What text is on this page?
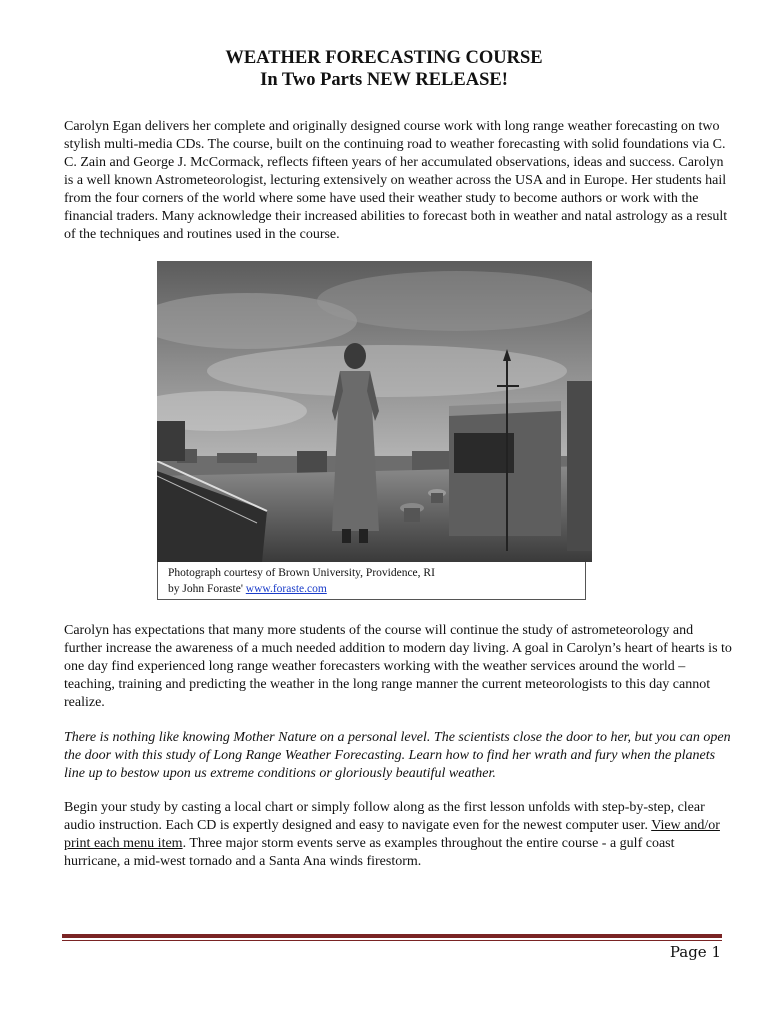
WEATHER FORECASTING COURSE
In Two Parts NEW RELEASE!

Carolyn Egan delivers her complete and originally designed course work with long range weather forecasting on two stylish multi-media CDs. The course, built on the continuing road to weather forecasting with solid foundations via C. C. Zain and George J. McCormack, reflects fifteen years of her accumulated observations, ideas and success. Carolyn is a well known Astrometeorologist, lecturing extensively on weather across the USA and in Europe. Her students hail from the four corners of the world where some have used their weather study to become authors or work with the financial traders. Many acknowledge their increased abilities to forecast both in weather and natal astrology as a result of the techniques and routines used in the course.

Photograph courtesy of Brown University, Providence, RI
by John Foraste' www.foraste.com

Carolyn has expectations that many more students of the course will continue the study of astrometeorology and further increase the awareness of a much needed addition to modern day living. A goal in Carolyn’s heart of hearts is to one day find experienced long range weather forecasters working with the weather services around the world – teaching, training and predicting the weather in the long range manner the current meteorologists to this day cannot realize.

There is nothing like knowing Mother Nature on a personal level. The scientists close the door to her, but you can open the door with this study of Long Range Weather Forecasting. Learn how to find her wrath and fury when the planets line up to bestow upon us extreme conditions or gloriously beautiful weather.

Begin your study by casting a local chart or simply follow along as the first lesson unfolds with step-by-step, clear audio instruction. Each CD is expertly designed and easy to navigate even for the newest computer user. View and/or print each menu item. Three major storm events serve as examples throughout the entire course - a gulf coast hurricane, a mid-west tornado and a Santa Ana winds firestorm.

Page 1
